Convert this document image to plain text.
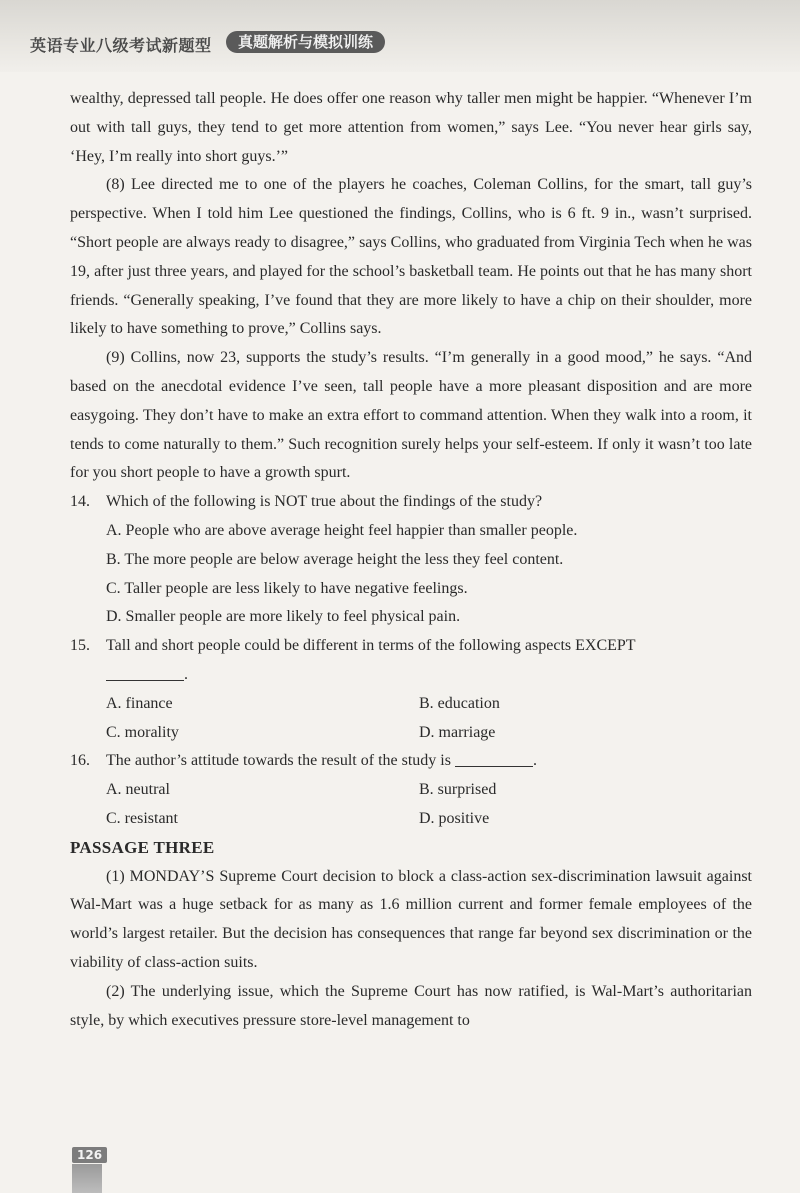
英语专业八级考试新题型	真题解析与模拟训练

wealthy, depressed tall people. He does offer one reason why taller men might be happier. “Whenever I’m out with tall guys, they tend to get more attention from women,” says Lee. “You never hear girls say, ‘Hey, I’m really into short guys.’”

(8) Lee directed me to one of the players he coaches, Coleman Collins, for the smart, tall guy’s perspective. When I told him Lee questioned the findings, Collins, who is 6 ft. 9 in., wasn’t surprised. “Short people are always ready to disagree,” says Collins, who graduated from Virginia Tech when he was 19, after just three years, and played for the school’s basketball team. He points out that he has many short friends. “Generally speaking, I’ve found that they are more likely to have a chip on their shoulder, more likely to have something to prove,” Collins says.

(9) Collins, now 23, supports the study’s results. “I’m generally in a good mood,” he says. “And based on the anecdotal evidence I’ve seen, tall people have a more pleasant disposition and are more easygoing. They don’t have to make an extra effort to command attention. When they walk into a room, it tends to come naturally to them.” Such recognition surely helps your self-esteem. If only it wasn’t too late for you short people to have a growth spurt.

14. Which of the following is NOT true about the findings of the study?

A. People who are above average height feel happier than smaller people.

B. The more people are below average height the less they feel content.

C. Taller people are less likely to have negative feelings.

D. Smaller people are more likely to feel physical pain.

15. Tall and short people could be different in terms of the following aspects EXCEPT

.
A. finance	B. education
C. morality	D. marriage

16. The author’s attitude towards the result of the study is	.

A. neutral	B. surprised
C. resistant	D. positive

PASSAGE THREE

(1) MONDAY’S Supreme Court decision to block a class-action sex-discrimination lawsuit against Wal-Mart was a huge setback for as many as 1.6 million current and former female employees of the world’s largest retailer. But the decision has consequences that range far beyond sex discrimination or the viability of class-action suits.

(2) The underlying issue, which the Supreme Court has now ratified, is Wal-Mart’s authoritarian style, by which executives pressure store-level management to

126
